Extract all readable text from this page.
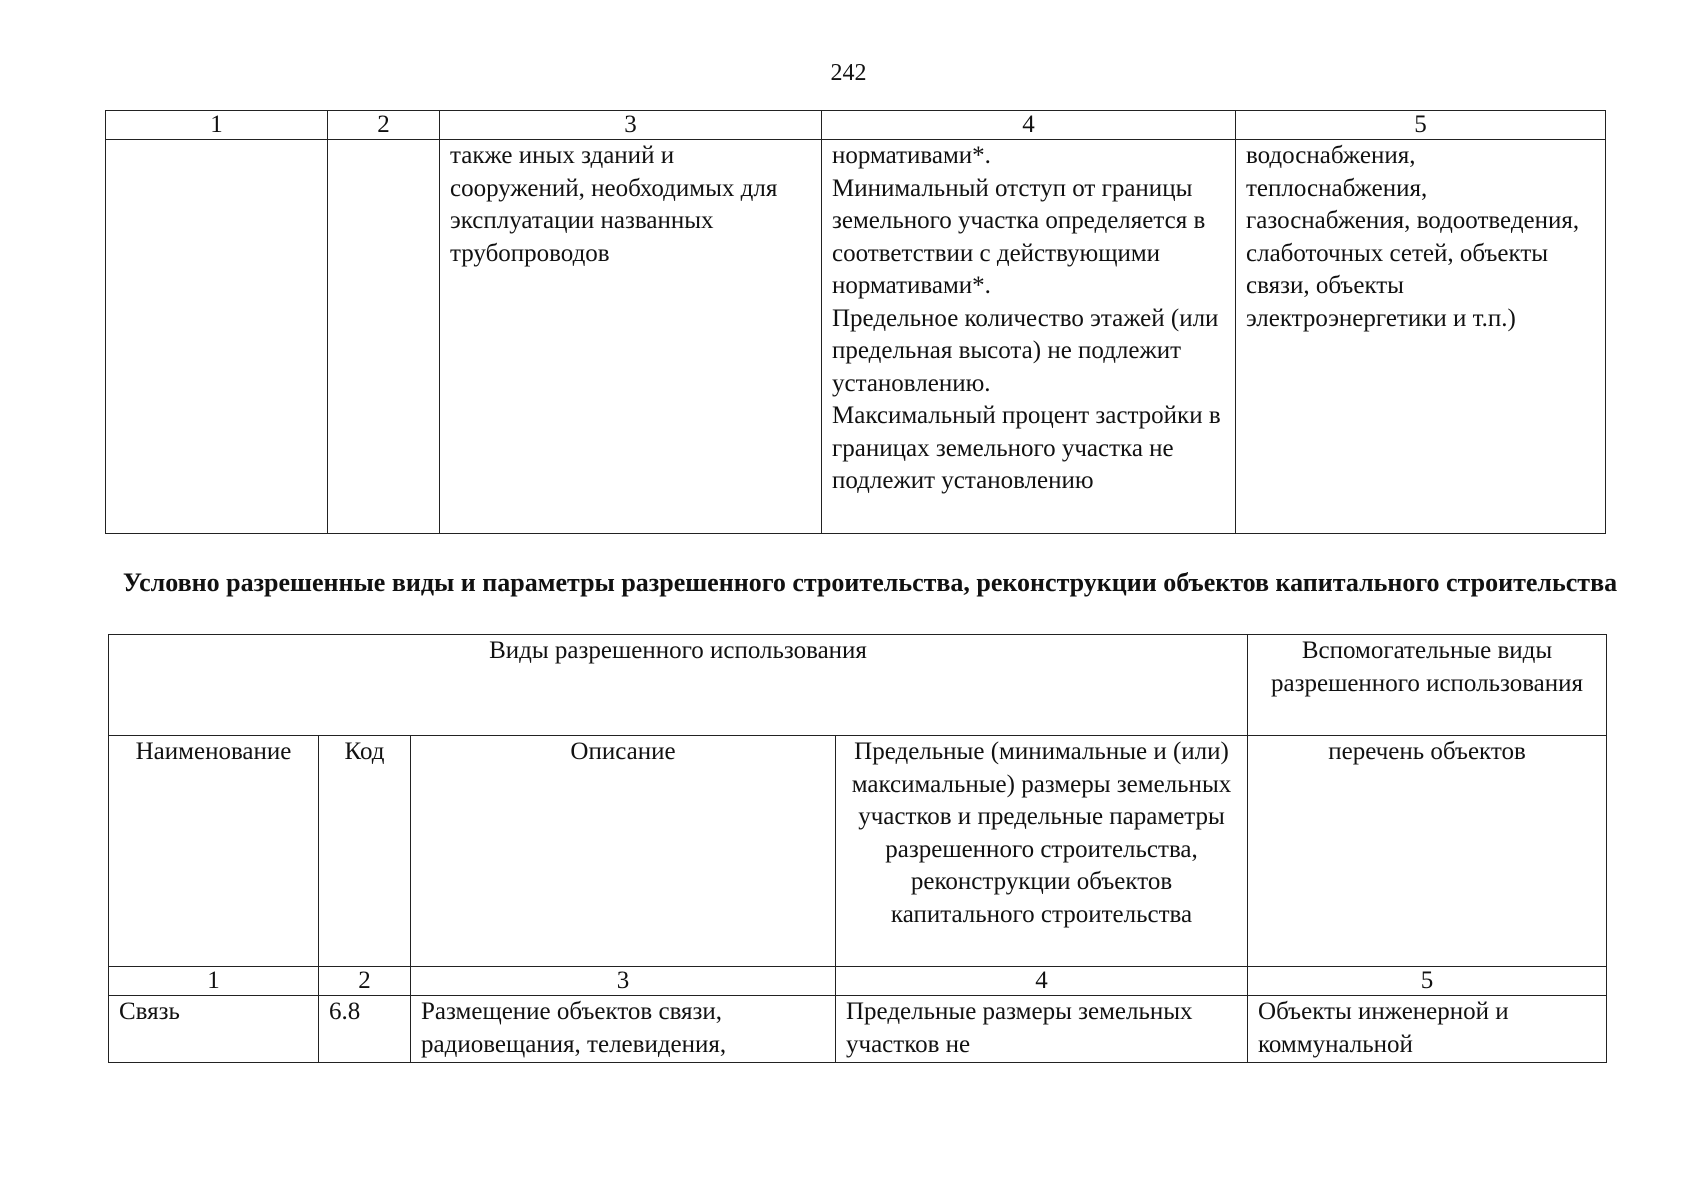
242
1	2	3	4	5
		также иных зданий и сооружений, необходимых для эксплуатации названных трубопроводов	нормативами*.
Минимальный отступ от границы земельного участка определяется в соответствии с действующими нормативами*.
Предельное количество этажей (или предельная высота) не подлежит установлению.
Максимальный процент застройки в границах земельного участка не подлежит установлению	водоснабжения, теплоснабжения, газоснабжения, водоотведения, слаботочных сетей, объекты связи, объекты электроэнергетики и т.п.)
Условно разрешенные виды и параметры разрешенного строительства, реконструкции объектов капитального строительства
Виды разрешенного использования				Вспомогательные виды разрешенного использования
Наименование	Код	Описание	Предельные (минимальные и (или) максимальные) размеры земельных участков и предельные параметры разрешенного строительства, реконструкции объектов капитального строительства	перечень объектов
1	2	3	4	5
Связь	6.8	Размещение объектов связи, радиовещания, телевидения,	Предельные размеры земельных участков не	Объекты инженерной и коммунальной
